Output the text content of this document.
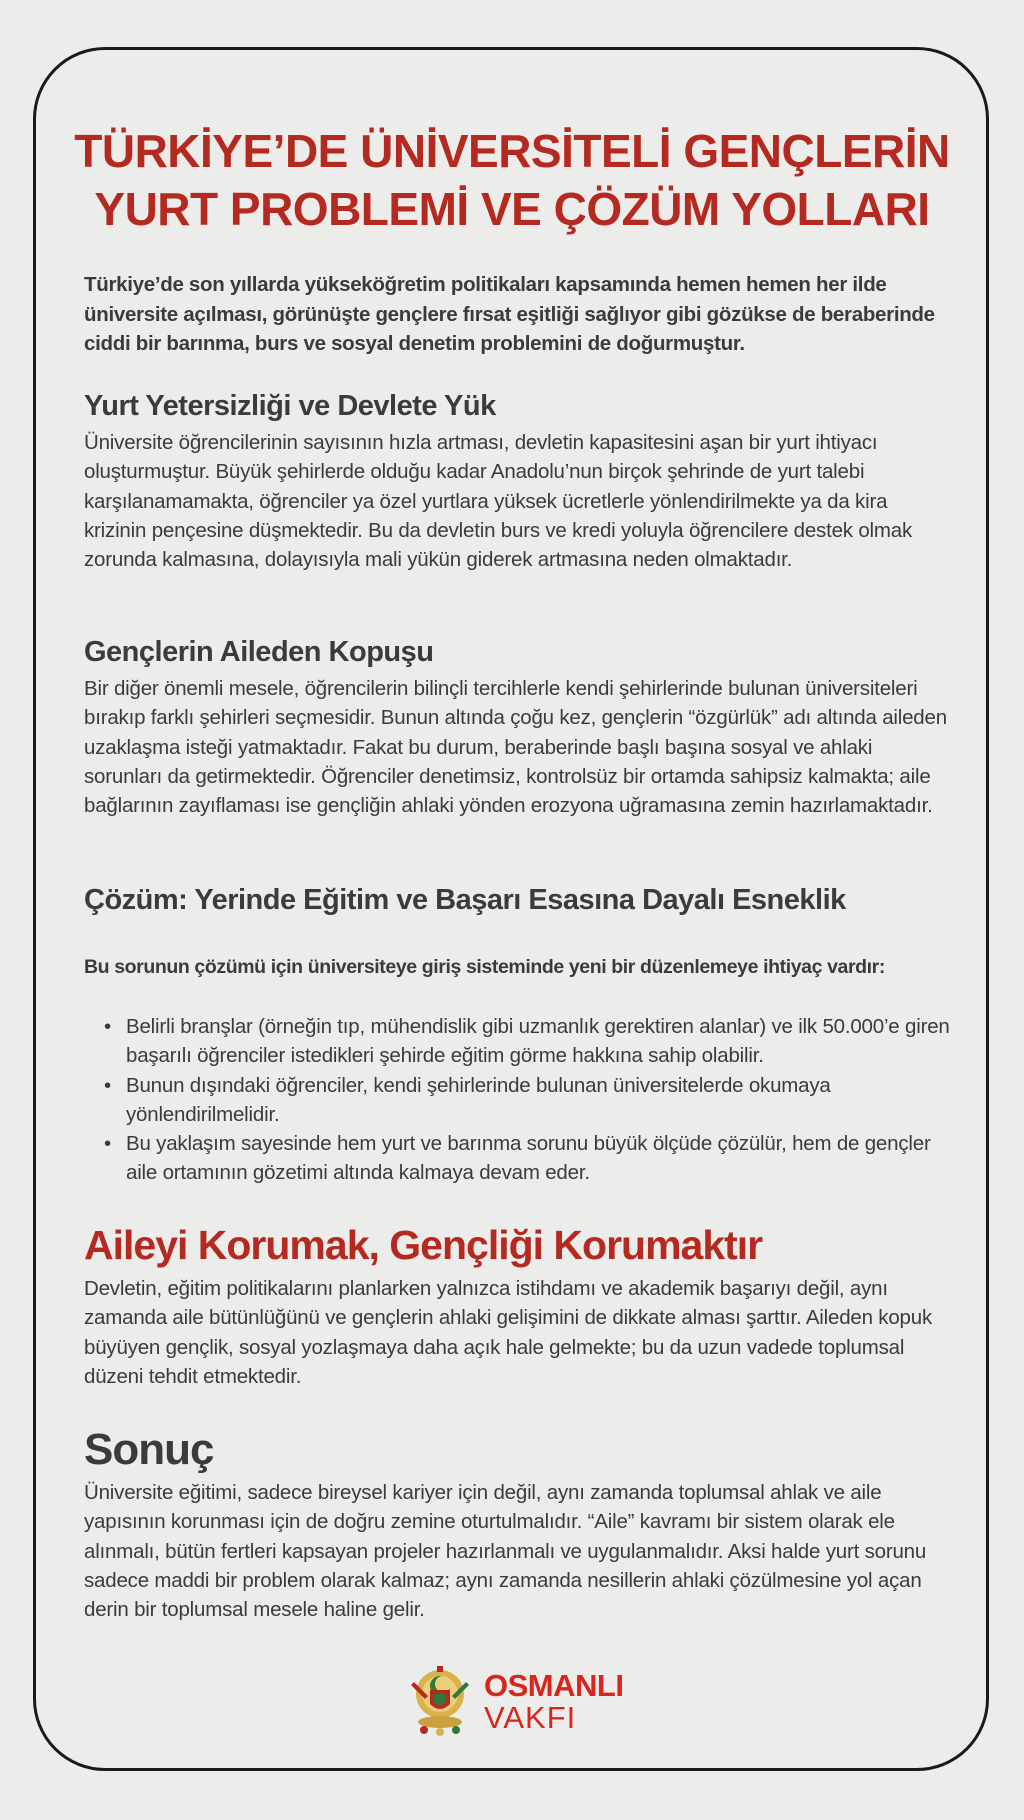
TÜRKİYE’DE ÜNİVERSİTELİ GENÇLERİN
YURT PROBLEMİ VE ÇÖZÜM YOLLARI

Türkiye’de son yıllarda yükseköğretim politikaları kapsamında hemen hemen her ilde üniversite açılması, görünüşte gençlere fırsat eşitliği sağlıyor gibi gözükse de beraberinde ciddi bir barınma, burs ve sosyal denetim problemini de doğurmuştur.

Yurt Yetersizliği ve Devlete Yük

Üniversite öğrencilerinin sayısının hızla artması, devletin kapasitesini aşan bir yurt ihtiyacı oluşturmuştur. Büyük şehirlerde olduğu kadar Anadolu’nun birçok şehrinde de yurt talebi karşılanamamakta, öğrenciler ya özel yurtlara yüksek ücretlerle yönlendirilmekte ya da kira krizinin pençesine düşmektedir. Bu da devletin burs ve kredi yoluyla öğrencilere destek olmak zorunda kalmasına, dolayısıyla mali yükün giderek artmasına neden olmaktadır.

Gençlerin Aileden Kopuşu

Bir diğer önemli mesele, öğrencilerin bilinçli tercihlerle kendi şehirlerinde bulunan üniversiteleri bırakıp farklı şehirleri seçmesidir. Bunun altında çoğu kez, gençlerin “özgürlük” adı altında aileden uzaklaşma isteği yatmaktadır. Fakat bu durum, beraberinde başlı başına sosyal ve ahlaki sorunları da getirmektedir. Öğrenciler denetimsiz, kontrolsüz bir ortamda sahipsiz kalmakta; aile bağlarının zayıflaması ise gençliğin ahlaki yönden erozyona uğramasına zemin hazırlamaktadır.

Çözüm: Yerinde Eğitim ve Başarı Esasına Dayalı Esneklik

Bu sorunun çözümü için üniversiteye giriş sisteminde yeni bir düzenlemeye ihtiyaç vardır:

• Belirli branşlar (örneğin tıp, mühendislik gibi uzmanlık gerektiren alanlar) ve ilk 50.000’e giren başarılı öğrenciler istedikleri şehirde eğitim görme hakkına sahip olabilir.
• Bunun dışındaki öğrenciler, kendi şehirlerinde bulunan üniversitelerde okumaya yönlendirilmelidir.
• Bu yaklaşım sayesinde hem yurt ve barınma sorunu büyük ölçüde çözülür, hem de gençler aile ortamının gözetimi altında kalmaya devam eder.
Aileyi Korumak, Gençliği Korumaktır

Devletin, eğitim politikalarını planlarken yalnızca istihdamı ve akademik başarıyı değil, aynı zamanda aile bütünlüğünü ve gençlerin ahlaki gelişimini de dikkate alması şarttır. Aileden kopuk büyüyen gençlik, sosyal yozlaşmaya daha açık hale gelmekte; bu da uzun vadede toplumsal düzeni tehdit etmektedir.

Sonuç

Üniversite eğitimi, sadece bireysel kariyer için değil, aynı zamanda toplumsal ahlak ve aile yapısının korunması için de doğru zemine oturtulmalıdır. “Aile” kavramı bir sistem olarak ele alınmalı, bütün fertleri kapsayan projeler hazırlanmalı ve uygulanmalıdır. Aksi halde yurt sorunu sadece maddi bir problem olarak kalmaz; aynı zamanda nesillerin ahlaki çözülmesine yol açan derin bir toplumsal mesele haline gelir.

OSMANLI
VAKFI
